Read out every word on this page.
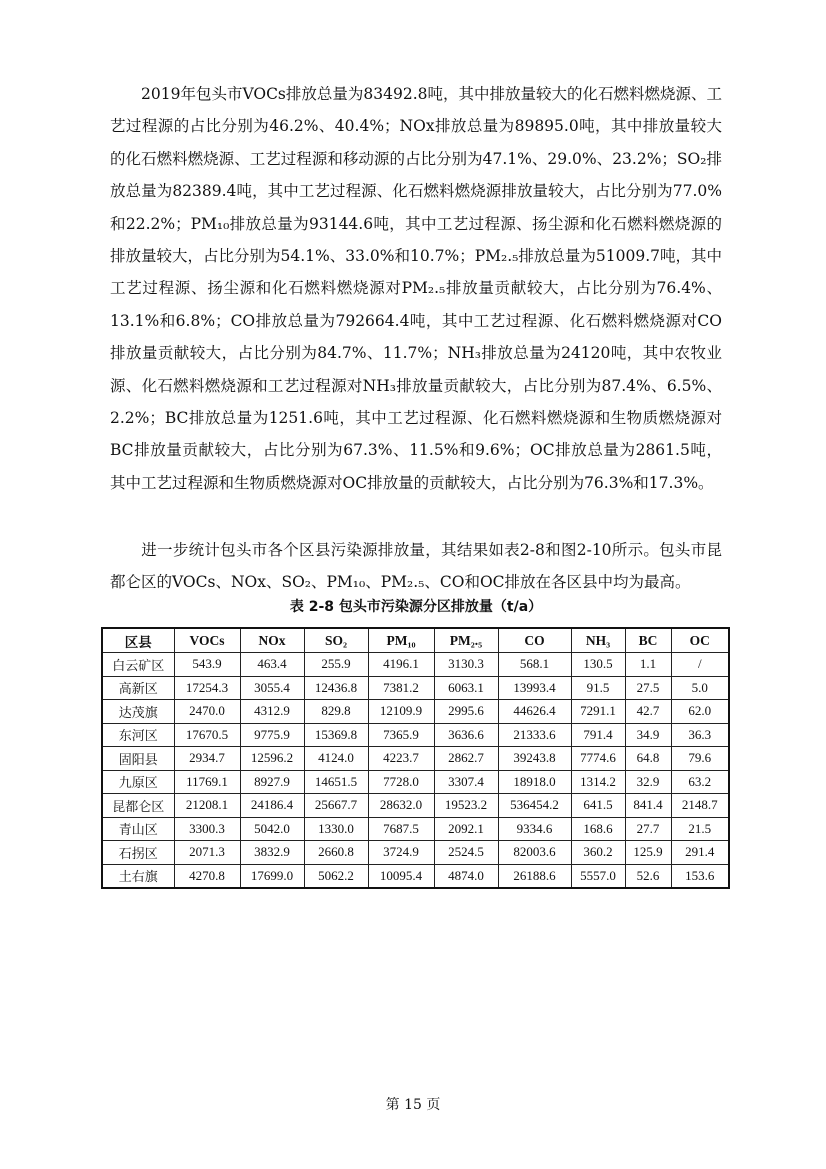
2019年包头市VOCs排放总量为83492.8吨，其中排放量较大的化石燃料燃烧源、工艺过程源的占比分别为46.2%、40.4%；NOx排放总量为89895.0吨，其中排放量较大的化石燃料燃烧源、工艺过程源和移动源的占比分别为47.1%、29.0%、23.2%；SO₂排放总量为82389.4吨，其中工艺过程源、化石燃料燃烧源排放量较大，占比分别为77.0%和22.2%；PM₁₀排放总量为93144.6吨，其中工艺过程源、扬尘源和化石燃料燃烧源的排放量较大，占比分别为54.1%、33.0%和10.7%；PM₂.₅排放总量为51009.7吨，其中工艺过程源、扬尘源和化石燃料燃烧源对PM₂.₅排放量贡献较大，占比分别为76.4%、13.1%和6.8%；CO排放总量为792664.4吨，其中工艺过程源、化石燃料燃烧源对CO排放量贡献较大，占比分别为84.7%、11.7%；NH₃排放总量为24120吨，其中农牧业源、化石燃料燃烧源和工艺过程源对NH₃排放量贡献较大，占比分别为87.4%、6.5%、2.2%；BC排放总量为1251.6吨，其中工艺过程源、化石燃料燃烧源和生物质燃烧源对BC排放量贡献较大，占比分别为67.3%、11.5%和9.6%；OC排放总量为2861.5吨，其中工艺过程源和生物质燃烧源对OC排放量的贡献较大，占比分别为76.3%和17.3%。

进一步统计包头市各个区县污染源排放量，其结果如表2-8和图2-10所示。包头市昆都仑区的VOCs、NOx、SO₂、PM₁₀、PM₂.₅、CO和OC排放在各区县中均为最高。

表 2-8 包头市污染源分区排放量（t/a）
区县	VOCs	NOx	SO₂	PM₁₀	PM₂.₅	CO	NH₃	BC	OC
白云矿区	543.9	463.4	255.9	4196.1	3130.3	568.1	130.5	1.1	/
高新区	17254.3	3055.4	12436.8	7381.2	6063.1	13993.4	91.5	27.5	5.0
达茂旗	2470.0	4312.9	829.8	12109.9	2995.6	44626.4	7291.1	42.7	62.0
东河区	17670.5	9775.9	15369.8	7365.9	3636.6	21333.6	791.4	34.9	36.3
固阳县	2934.7	12596.2	4124.0	4223.7	2862.7	39243.8	7774.6	64.8	79.6
九原区	11769.1	8927.9	14651.5	7728.0	3307.4	18918.0	1314.2	32.9	63.2
昆都仑区	21208.1	24186.4	25667.7	28632.0	19523.2	536454.2	641.5	841.4	2148.7
青山区	3300.3	5042.0	1330.0	7687.5	2092.1	9334.6	168.6	27.7	21.5
石拐区	2071.3	3832.9	2660.8	3724.9	2524.5	82003.6	360.2	125.9	291.4
土右旗	4270.8	17699.0	5062.2	10095.4	4874.0	26188.6	5557.0	52.6	153.6
第 15 页
